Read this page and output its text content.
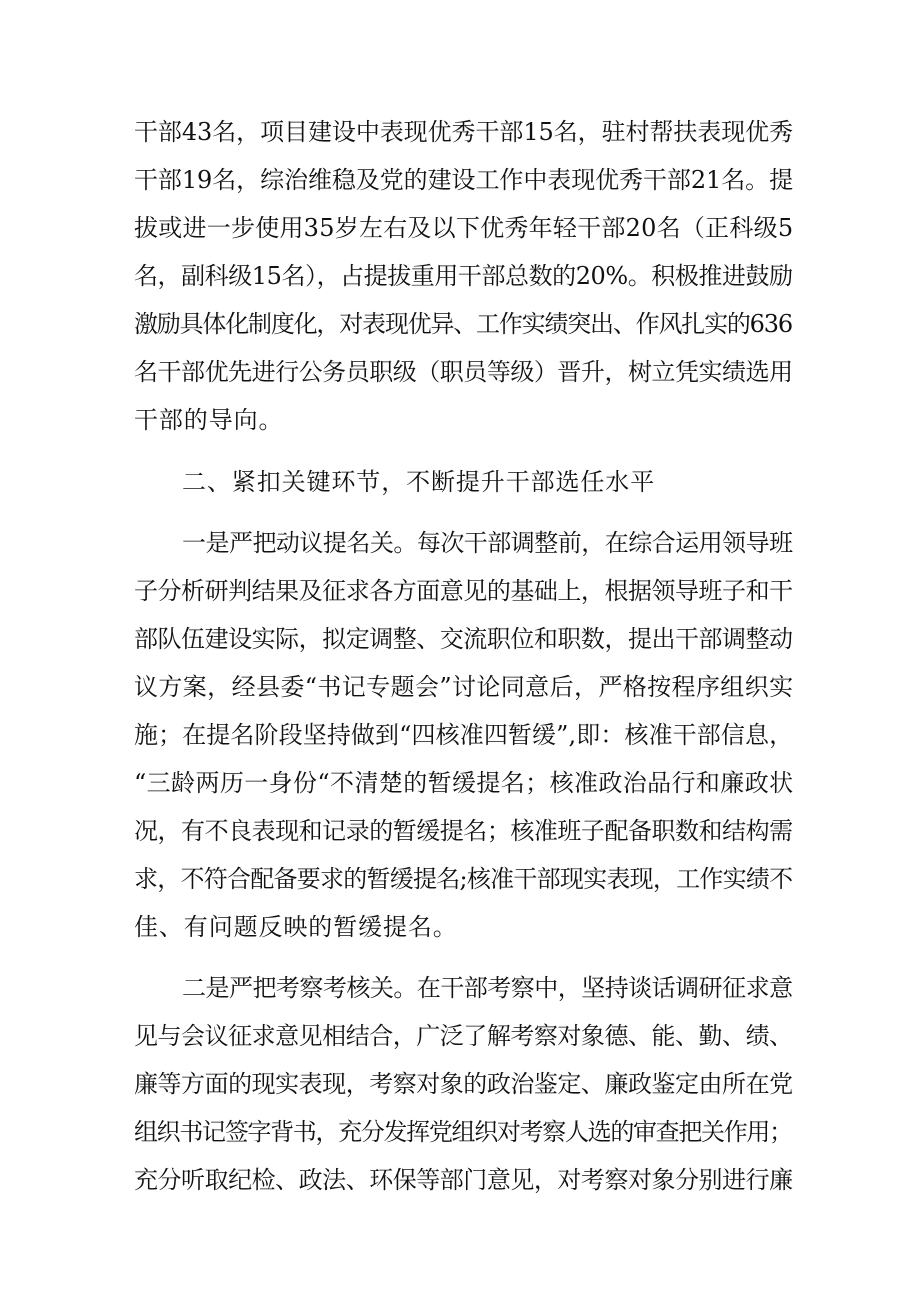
干部43名，项目建设中表现优秀干部15名，驻村帮扶表现优秀
干部19名，综治维稳及党的建设工作中表现优秀干部21名。提
拔或进一步使用35岁左右及以下优秀年轻干部20名（正科级5
名，副科级15名），占提拔重用干部总数的20%。积极推进鼓励
激励具体化制度化，对表现优异、工作实绩突出、作风扎实的636
名干部优先进行公务员职级（职员等级）晋升，树立凭实绩选用
干部的导向。
二、紧扣关键环节，不断提升干部选任水平
一是严把动议提名关。每次干部调整前，在综合运用领导班
子分析研判结果及征求各方面意见的基础上，根据领导班子和干
部队伍建设实际，拟定调整、交流职位和职数，提出干部调整动
议方案，经县委“书记专题会”讨论同意后，严格按程序组织实
施；在提名阶段坚持做到“四核准四暂缓”,即：核准干部信息，
“三龄两历一身份“不清楚的暂缓提名；核准政治品行和廉政状
况，有不良表现和记录的暂缓提名；核准班子配备职数和结构需
求，不符合配备要求的暂缓提名;核准干部现实表现，工作实绩不
佳、有问题反映的暂缓提名。
二是严把考察考核关。在干部考察中，坚持谈话调研征求意
见与会议征求意见相结合，广泛了解考察对象德、能、勤、绩、
廉等方面的现实表现，考察对象的政治鉴定、廉政鉴定由所在党
组织书记签字背书，充分发挥党组织对考察人选的审查把关作用；
充分听取纪检、政法、环保等部门意见，对考察对象分别进行廉
